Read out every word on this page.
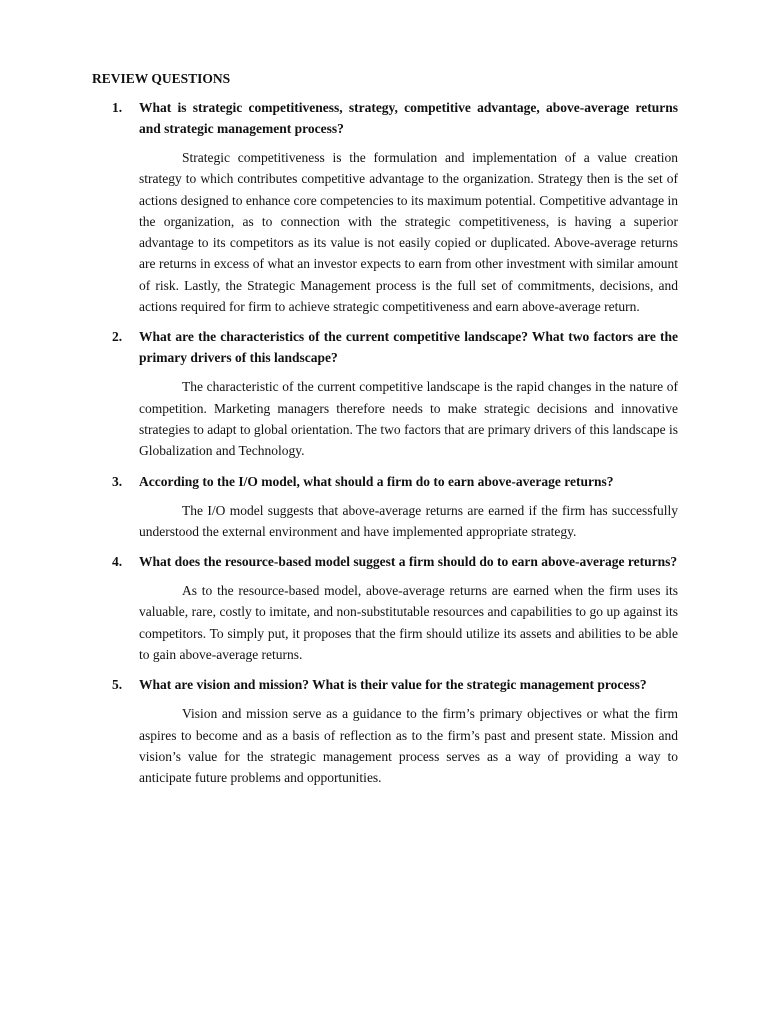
REVIEW QUESTIONS
1. What is strategic competitiveness, strategy, competitive advantage, above-average returns and strategic management process?

Strategic competitiveness is the formulation and implementation of a value creation strategy to which contributes competitive advantage to the organization. Strategy then is the set of actions designed to enhance core competencies to its maximum potential. Competitive advantage in the organization, as to connection with the strategic competitiveness, is having a superior advantage to its competitors as its value is not easily copied or duplicated. Above-average returns are returns in excess of what an investor expects to earn from other investment with similar amount of risk. Lastly, the Strategic Management process is the full set of commitments, decisions, and actions required for firm to achieve strategic competitiveness and earn above-average return.

2. What are the characteristics of the current competitive landscape? What two factors are the primary drivers of this landscape?

The characteristic of the current competitive landscape is the rapid changes in the nature of competition. Marketing managers therefore needs to make strategic decisions and innovative strategies to adapt to global orientation. The two factors that are primary drivers of this landscape is Globalization and Technology.

3. According to the I/O model, what should a firm do to earn above-average returns?

The I/O model suggests that above-average returns are earned if the firm has successfully understood the external environment and have implemented appropriate strategy.

4. What does the resource-based model suggest a firm should do to earn above-average returns?

As to the resource-based model, above-average returns are earned when the firm uses its valuable, rare, costly to imitate, and non-substitutable resources and capabilities to go up against its competitors. To simply put, it proposes that the firm should utilize its assets and abilities to be able to gain above-average returns.

5. What are vision and mission? What is their value for the strategic management process?

Vision and mission serve as a guidance to the firm’s primary objectives or what the firm aspires to become and as a basis of reflection as to the firm’s past and present state. Mission and vision’s value for the strategic management process serves as a way of providing a way to anticipate future problems and opportunities.
